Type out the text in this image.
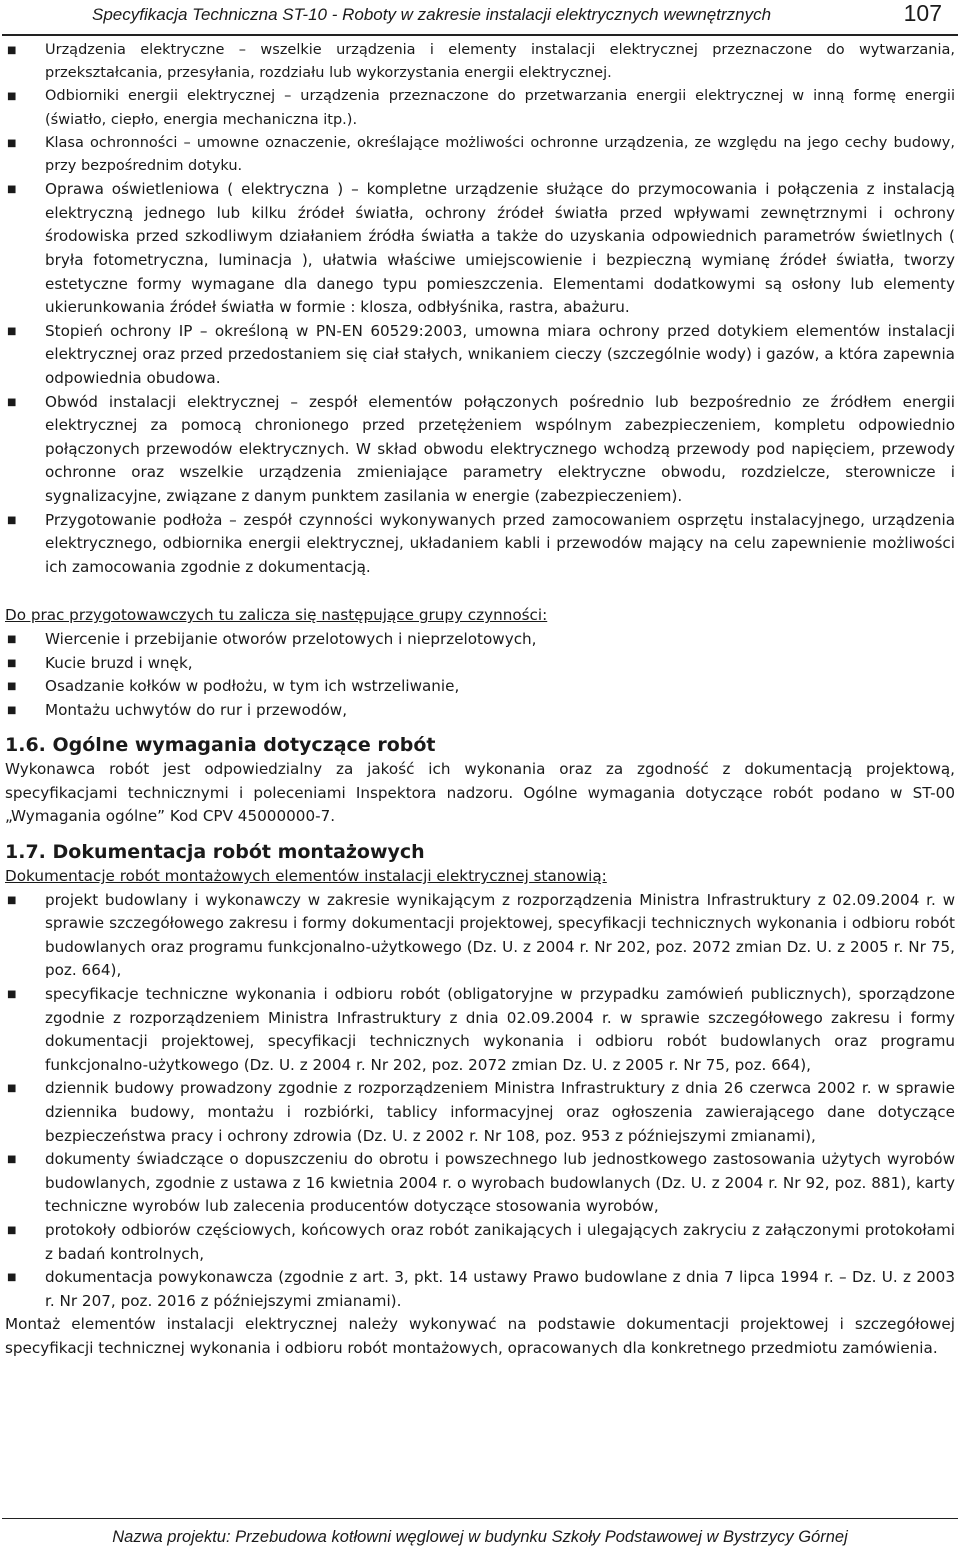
Specyfikacja Techniczna ST-10 - Roboty w zakresie instalacji elektrycznych wewnętrznych	107
■ Urządzenia elektryczne – wszelkie urządzenia i elementy instalacji elektrycznej przeznaczone do wytwarzania, przekształcania, przesyłania, rozdziału lub wykorzystania energii elektrycznej.
■ Odbiorniki energii elektrycznej – urządzenia przeznaczone do przetwarzania energii elektrycznej w inną formę energii (światło, ciepło, energia mechaniczna itp.).
■ Klasa ochronności – umowne oznaczenie, określające możliwości ochronne urządzenia, ze względu na jego cechy budowy, przy bezpośrednim dotyku.
■ Oprawa oświetleniowa ( elektryczna ) – kompletne urządzenie służące do przymocowania i połączenia z instalacją elektryczną jednego lub kilku źródeł światła, ochrony źródeł światła przed wpływami zewnętrznymi i ochrony środowiska przed szkodliwym działaniem źródła światła a także do uzyskania odpowiednich parametrów świetlnych ( bryła fotometryczna, luminacja ), ułatwia właściwe umiejscowienie i bezpieczną wymianę źródeł światła, tworzy estetyczne formy wymagane dla danego typu pomieszczenia. Elementami dodatkowymi są osłony lub elementy ukierunkowania źródeł światła w formie : klosza, odbłyśnika, rastra, abażuru.
■ Stopień ochrony IP – określoną w PN-EN 60529:2003, umowna miara ochrony przed dotykiem elementów instalacji elektrycznej oraz przed przedostaniem się ciał stałych, wnikaniem cieczy (szczególnie wody) i gazów, a która zapewnia odpowiednia obudowa.
■ Obwód instalacji elektrycznej – zespół elementów połączonych pośrednio lub bezpośrednio ze źródłem energii elektrycznej za pomocą chronionego przed przetężeniem wspólnym zabezpieczeniem, kompletu odpowiednio połączonych przewodów elektrycznych. W skład obwodu elektrycznego wchodzą przewody pod napięciem, przewody ochronne oraz wszelkie urządzenia zmieniające parametry elektryczne obwodu, rozdzielcze, sterownicze i sygnalizacyjne, związane z danym punktem zasilania w energie (zabezpieczeniem).
■ Przygotowanie podłoża – zespół czynności wykonywanych przed zamocowaniem osprzętu instalacyjnego, urządzenia elektrycznego, odbiornika energii elektrycznej, układaniem kabli i przewodów mający na celu zapewnienie możliwości ich zamocowania zgodnie z dokumentacją.

Do prac przygotowawczych tu zalicza się następujące grupy czynności:

■ Wiercenie i przebijanie otworów przelotowych i nieprzelotowych,
■ Kucie bruzd i wnęk,
■ Osadzanie kołków w podłożu, w tym ich wstrzeliwanie,
■ Montażu uchwytów do rur i przewodów,
1.6. Ogólne wymagania dotyczące robót

Wykonawca robót jest odpowiedzialny za jakość ich wykonania oraz za zgodność z dokumentacją projektową, specyfikacjami technicznymi i poleceniami Inspektora nadzoru. Ogólne wymagania dotyczące robót podano w ST-00 „Wymagania ogólne” Kod CPV 45000000-7.

1.7. Dokumentacja robót montażowych

Dokumentacje robót montażowych elementów instalacji elektrycznej stanowią:

■ projekt budowlany i wykonawczy w zakresie wynikającym z rozporządzenia Ministra Infrastruktury z 02.09.2004 r. w sprawie szczegółowego zakresu i formy dokumentacji projektowej, specyfikacji technicznych wykonania i odbioru robót budowlanych oraz programu funkcjonalno-użytkowego (Dz. U. z 2004 r. Nr 202, poz. 2072 zmian Dz. U. z 2005 r. Nr 75, poz. 664),
■ specyfikacje techniczne wykonania i odbioru robót (obligatoryjne w przypadku zamówień publicznych), sporządzone zgodnie z rozporządzeniem Ministra Infrastruktury z dnia 02.09.2004 r. w sprawie szczegółowego zakresu i formy dokumentacji projektowej, specyfikacji technicznych wykonania i odbioru robót budowlanych oraz programu funkcjonalno-użytkowego (Dz. U. z 2004 r. Nr 202, poz. 2072 zmian Dz. U. z 2005 r. Nr 75, poz. 664),
■ dziennik budowy prowadzony zgodnie z rozporządzeniem Ministra Infrastruktury z dnia 26 czerwca 2002 r. w sprawie dziennika budowy, montażu i rozbiórki, tablicy informacyjnej oraz ogłoszenia zawierającego dane dotyczące bezpieczeństwa pracy i ochrony zdrowia (Dz. U. z 2002 r. Nr 108, poz. 953 z późniejszymi zmianami),
■ dokumenty świadczące o dopuszczeniu do obrotu i powszechnego lub jednostkowego zastosowania użytych wyrobów budowlanych, zgodnie z ustawa z 16 kwietnia 2004 r. o wyrobach budowlanych (Dz. U. z 2004 r. Nr 92, poz. 881), karty techniczne wyrobów lub zalecenia producentów dotyczące stosowania wyrobów,
■ protokoły odbiorów częściowych, końcowych oraz robót zanikających i ulegających zakryciu z załączonymi protokołami z badań kontrolnych,
■ dokumentacja powykonawcza (zgodnie z art. 3, pkt. 14 ustawy Prawo budowlane z dnia 7 lipca 1994 r. – Dz. U. z 2003 r. Nr 207, poz. 2016 z późniejszymi zmianami).

Montaż elementów instalacji elektrycznej należy wykonywać na podstawie dokumentacji projektowej i szczegółowej specyfikacji technicznej wykonania i odbioru robót montażowych, opracowanych dla konkretnego przedmiotu zamówienia.

Nazwa projektu: Przebudowa kotłowni węglowej w budynku Szkoły Podstawowej w Bystrzycy Górnej
